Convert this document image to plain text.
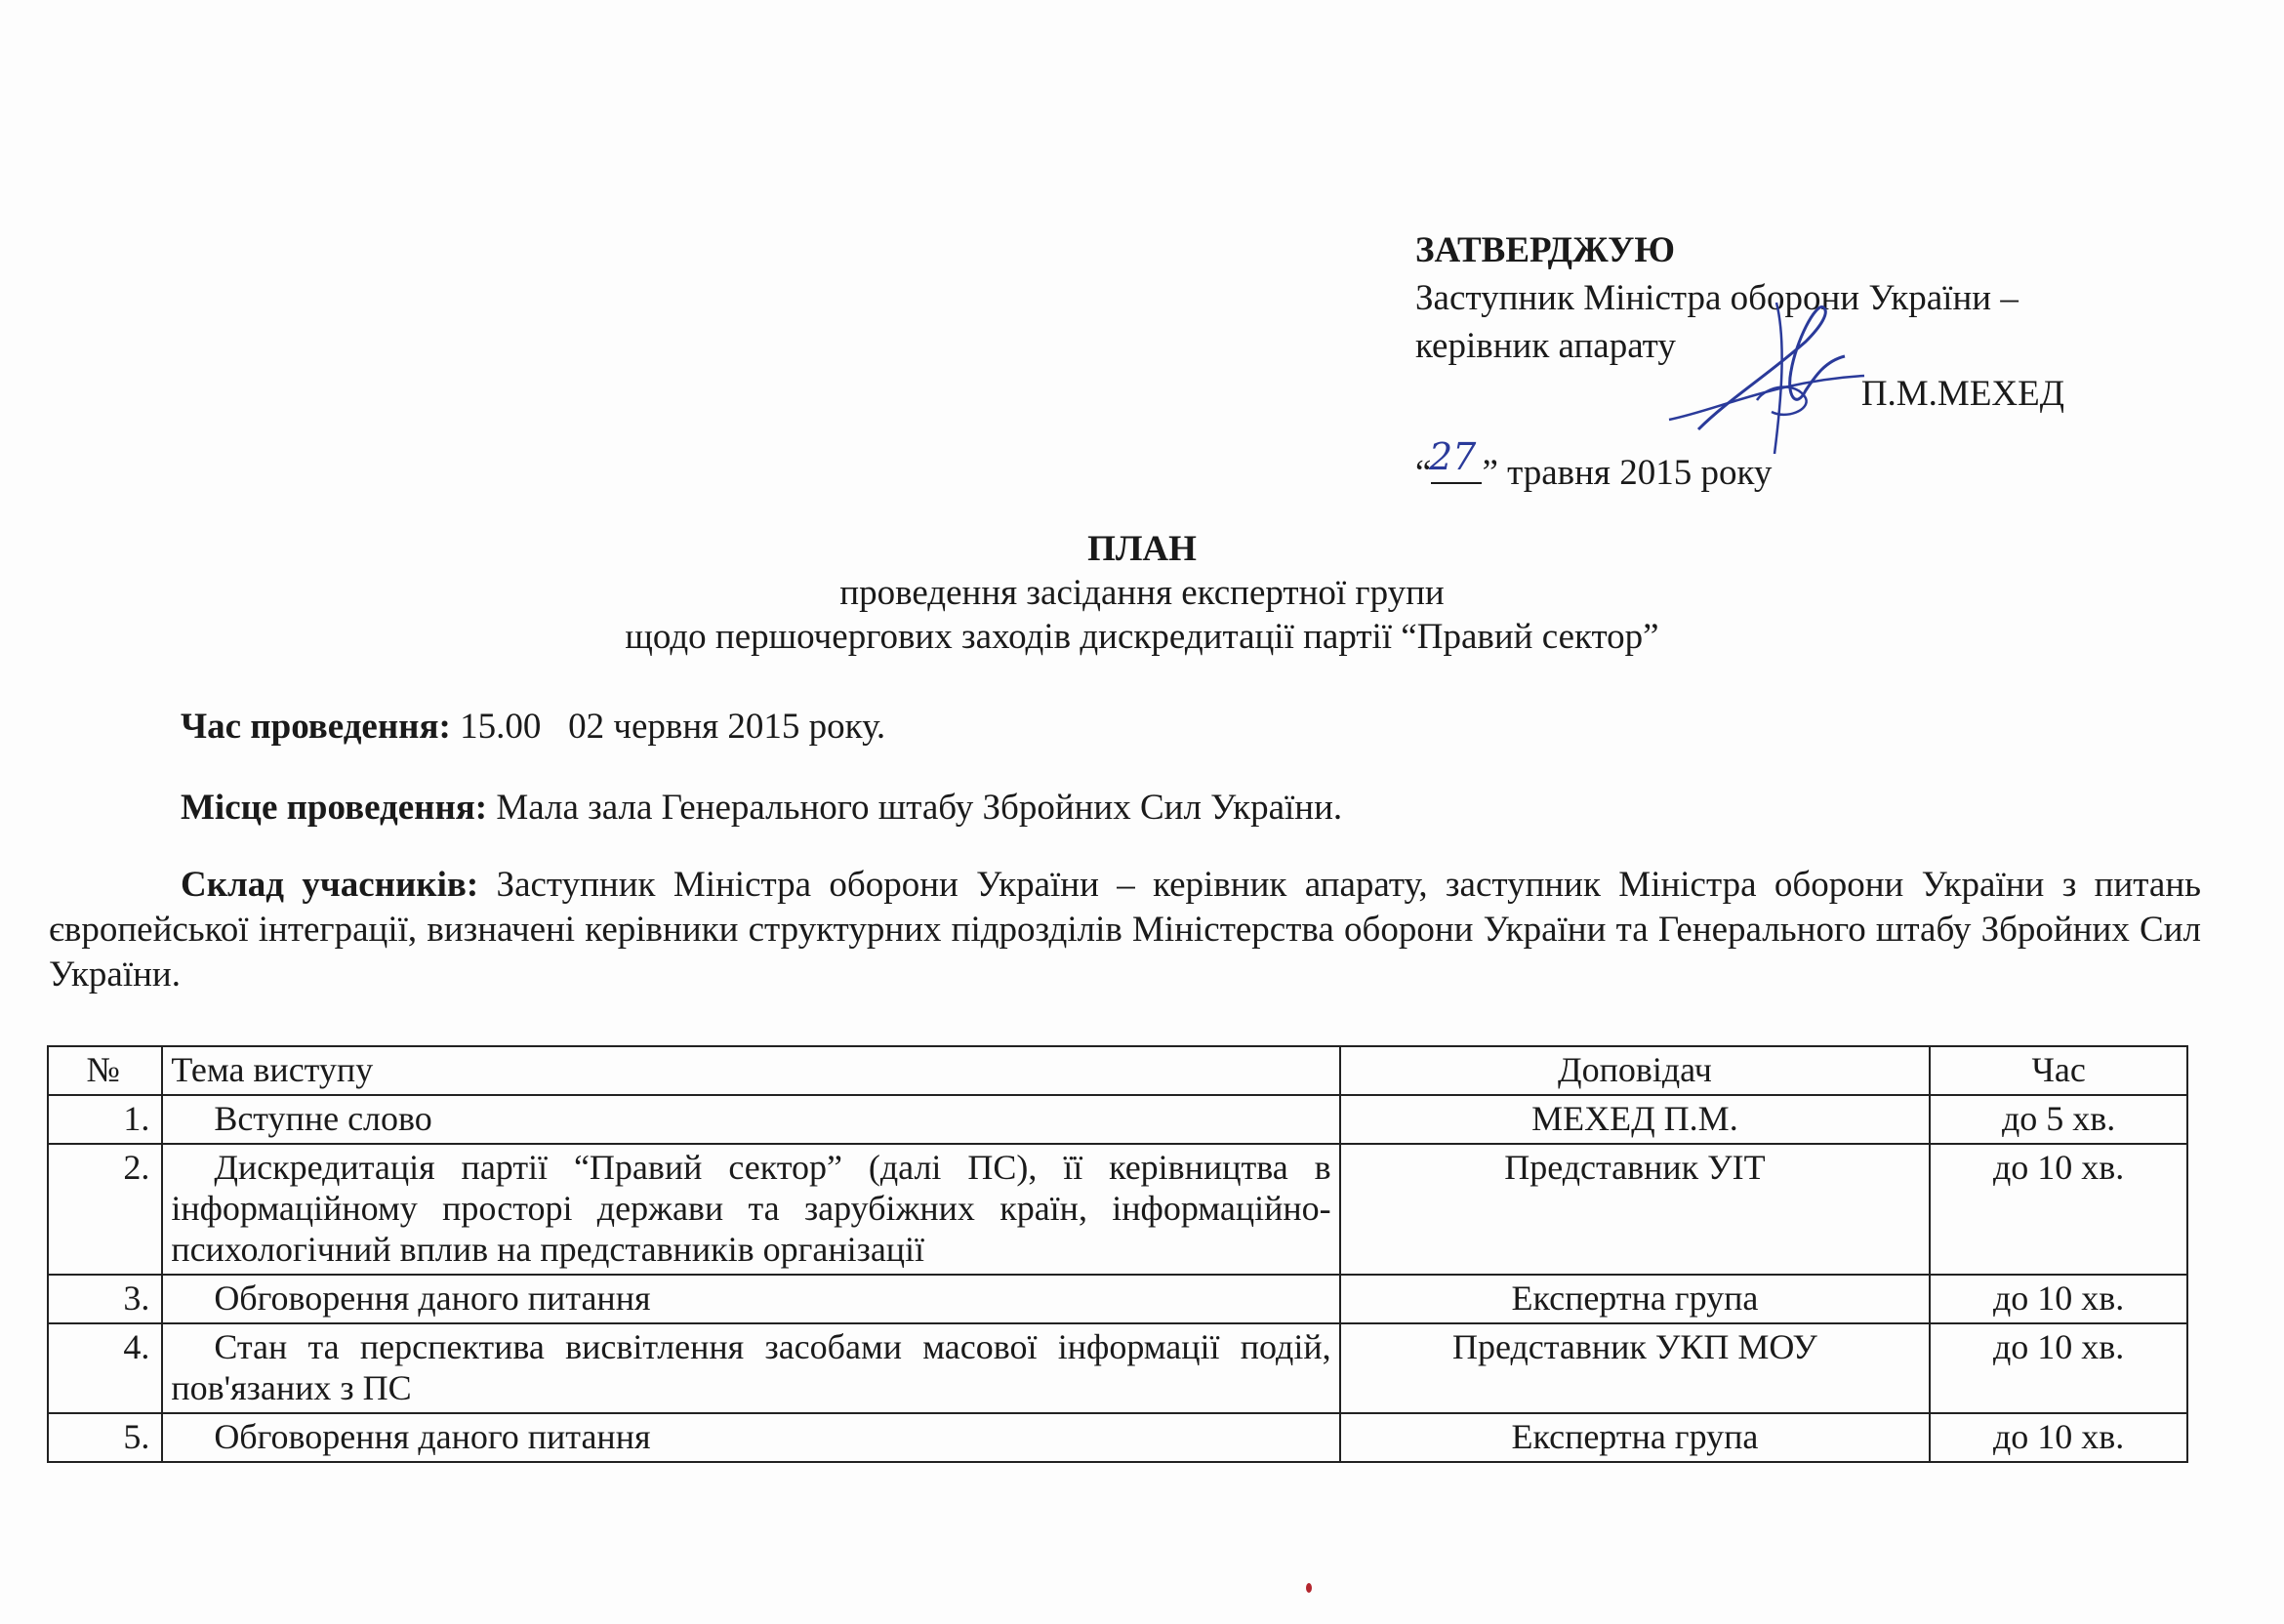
ЗАТВЕРДЖУЮ
Заступник Міністра оборони України –
керівник апарату
П.М.МЕХЕД
“ ” травня 2015 року
27
ПЛАН
проведення засідання експертної групи
щодо першочергових заходів дискредитації партії “Правий сектор”
Час проведення: 15.00   02 червня 2015 року.
Місце проведення: Мала зала Генерального штабу Збройних Сил України.
Склад учасників: Заступник Міністра оборони України – керівник апарату, заступник Міністра оборони України з питань європейської інтеграції, визначені керівники структурних підрозділів Міністерства оборони України та Генерального штабу Збройних Сил України.
№	Тема виступу	Доповідач	Час
1.	Вступне слово	МЕХЕД П.М.	до 5 хв.
2.	Дискредитація партії “Правий сектор” (далі ПС), її керівництва в інформаційному просторі держави та зарубіжних країн, інформаційно-психологічний вплив на представників організації	Представник УІТ	до 10 хв.
3.	Обговорення даного питання	Експертна група	до 10 хв.
4.	Стан та перспектива висвітлення засобами масової інформації подій, пов'язаних з ПС	Представник УКП МОУ	до 10 хв.
5.	Обговорення даного питання	Експертна група	до 10 хв.
